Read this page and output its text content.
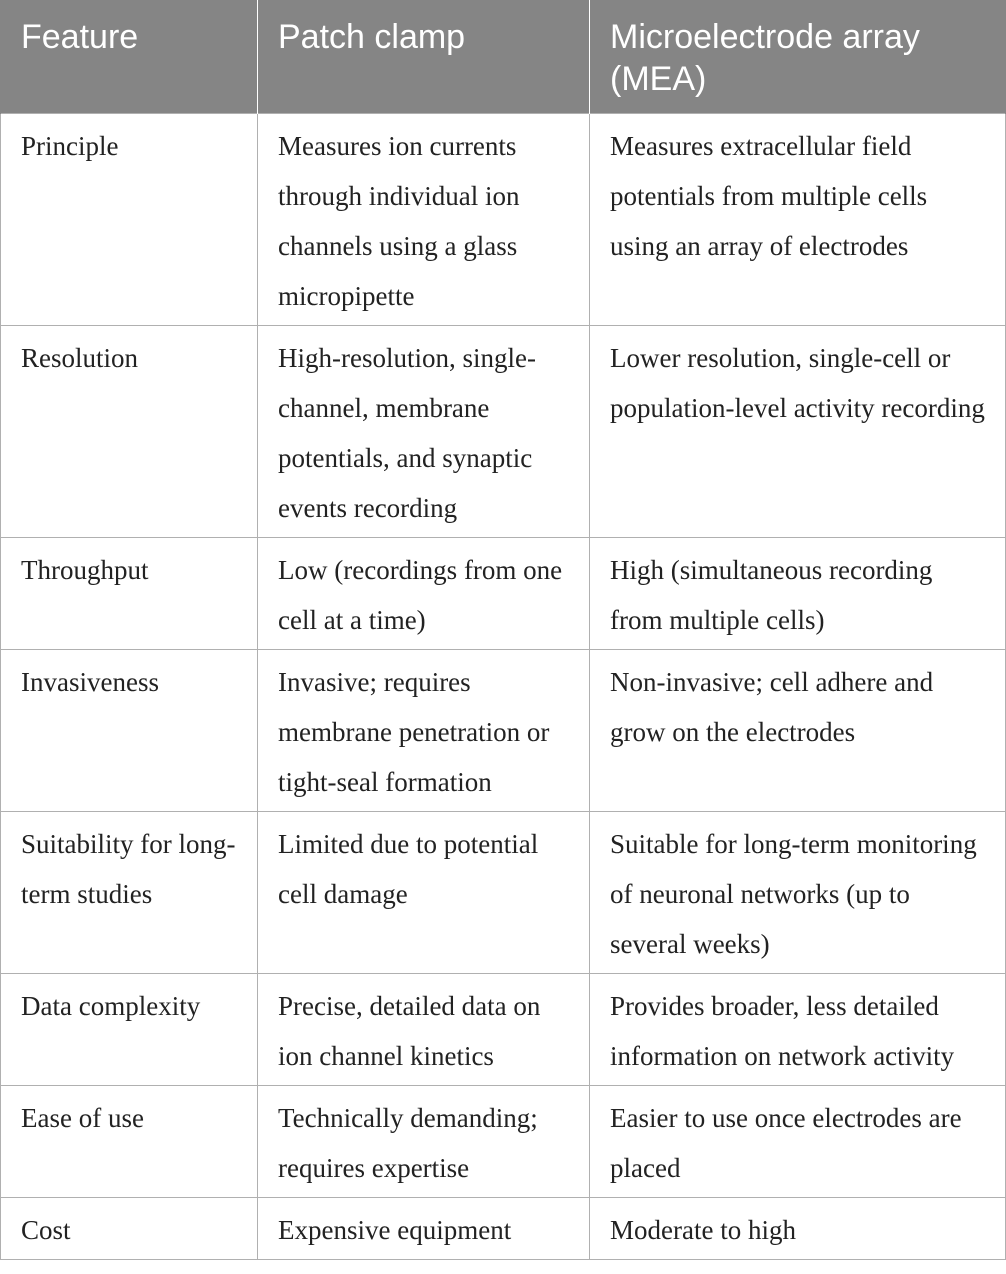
Feature	Patch clamp	Microelectrode array (MEA)
Principle	Measures ion currents through individual ion channels using a glass micropipette	Measures extracellular field potentials from multiple cells using an array of electrodes
Resolution	High-resolution, single-channel, membrane potentials, and synaptic events recording	Lower resolution, single-cell or population-level activity recording
Throughput	Low (recordings from one cell at a time)	High (simultaneous recording from multiple cells)
Invasiveness	Invasive; requires membrane penetration or tight-seal formation	Non-invasive; cell adhere and grow on the electrodes
Suitability for long-term studies	Limited due to potential cell damage	Suitable for long-term monitoring of neuronal networks (up to several weeks)
Data complexity	Precise, detailed data on ion channel kinetics	Provides broader, less detailed information on network activity
Ease of use	Technically demanding; requires expertise	Easier to use once electrodes are placed
Cost	Expensive equipment	Moderate to high
